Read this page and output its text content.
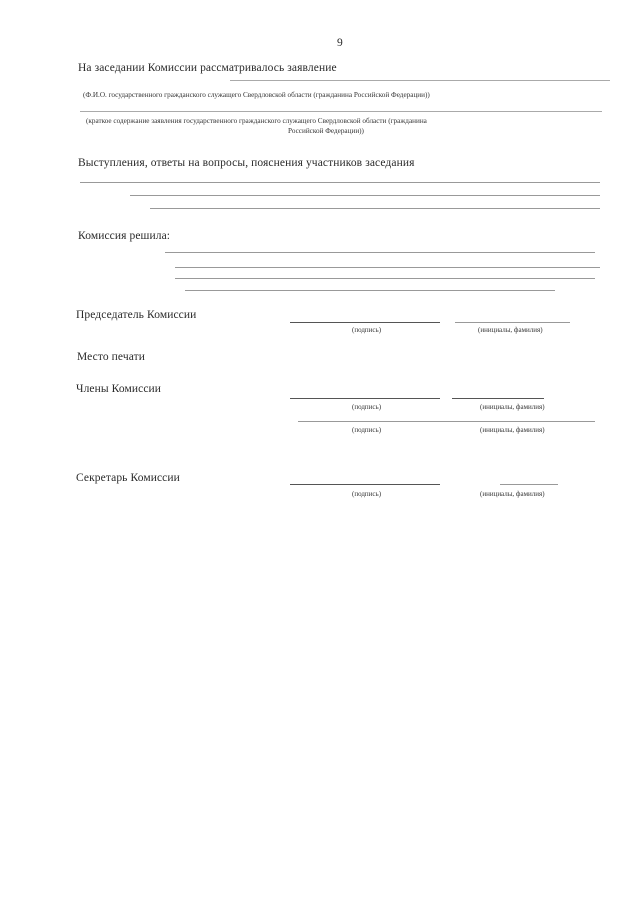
9
На заседании Комиссии рассматривалось заявление
(Ф.И.О. государственного гражданского служащего Свердловской области (гражданина Российской Федерации))
(краткое содержание заявления государственного гражданского служащего Свердловской области (гражданина
Российской Федерации))
Выступления, ответы на вопросы, пояснения участников заседания
Комиссия решила:
Председатель Комиссии
(подпись)	(инициалы, фамилия)
Место печати
Члены Комиссии
(подпись)	(инициалы, фамилия)
(подпись)	(инициалы, фамилия)
Секретарь Комиссии
(подпись)	(инициалы, фамилия)
